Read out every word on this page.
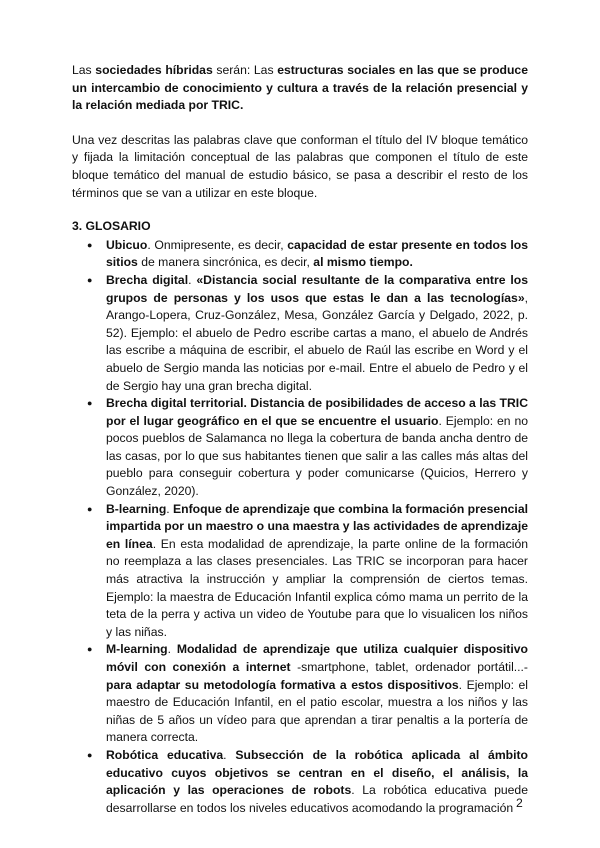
Las sociedades híbridas serán: Las estructuras sociales en las que se produce un intercambio de conocimiento y cultura a través de la relación presencial y la relación mediada por TRIC.

Una vez descritas las palabras clave que conforman el título del IV bloque temático y fijada la limitación conceptual de las palabras que componen el título de este bloque temático del manual de estudio básico, se pasa a describir el resto de los términos que se van a utilizar en este bloque.

3. GLOSARIO
● Ubicuo. Onmipresente, es decir, capacidad de estar presente en todos los sitios de manera sincrónica, es decir, al mismo tiempo.
● Brecha digital. «Distancia social resultante de la comparativa entre los grupos de personas y los usos que estas le dan a las tecnologías», Arango-Lopera, Cruz-González, Mesa, González García y Delgado, 2022, p. 52). Ejemplo: el abuelo de Pedro escribe cartas a mano, el abuelo de Andrés las escribe a máquina de escribir, el abuelo de Raúl las escribe en Word y el abuelo de Sergio manda las noticias por e-mail. Entre el abuelo de Pedro y el de Sergio hay una gran brecha digital.
● Brecha digital territorial. Distancia de posibilidades de acceso a las TRIC por el lugar geográfico en el que se encuentre el usuario. Ejemplo: en no pocos pueblos de Salamanca no llega la cobertura de banda ancha dentro de las casas, por lo que sus habitantes tienen que salir a las calles más altas del pueblo para conseguir cobertura y poder comunicarse (Quicios, Herrero y González, 2020).
● B-learning. Enfoque de aprendizaje que combina la formación presencial impartida por un maestro o una maestra y las actividades de aprendizaje en línea. En esta modalidad de aprendizaje, la parte online de la formación no reemplaza a las clases presenciales. Las TRIC se incorporan para hacer más atractiva la instrucción y ampliar la comprensión de ciertos temas. Ejemplo: la maestra de Educación Infantil explica cómo mama un perrito de la teta de la perra y activa un video de Youtube para que lo visualicen los niños y las niñas.
● M-learning. Modalidad de aprendizaje que utiliza cualquier dispositivo móvil con conexión a internet -smartphone, tablet, ordenador portátil...- para adaptar su metodología formativa a estos dispositivos. Ejemplo: el maestro de Educación Infantil, en el patio escolar, muestra a los niños y las niñas de 5 años un vídeo para que aprendan a tirar penaltis a la portería de manera correcta.
● Robótica educativa. Subsección de la robótica aplicada al ámbito educativo cuyos objetivos se centran en el diseño, el análisis, la aplicación y las operaciones de robots. La robótica educativa puede desarrollarse en todos los niveles educativos acomodando la programación 2
